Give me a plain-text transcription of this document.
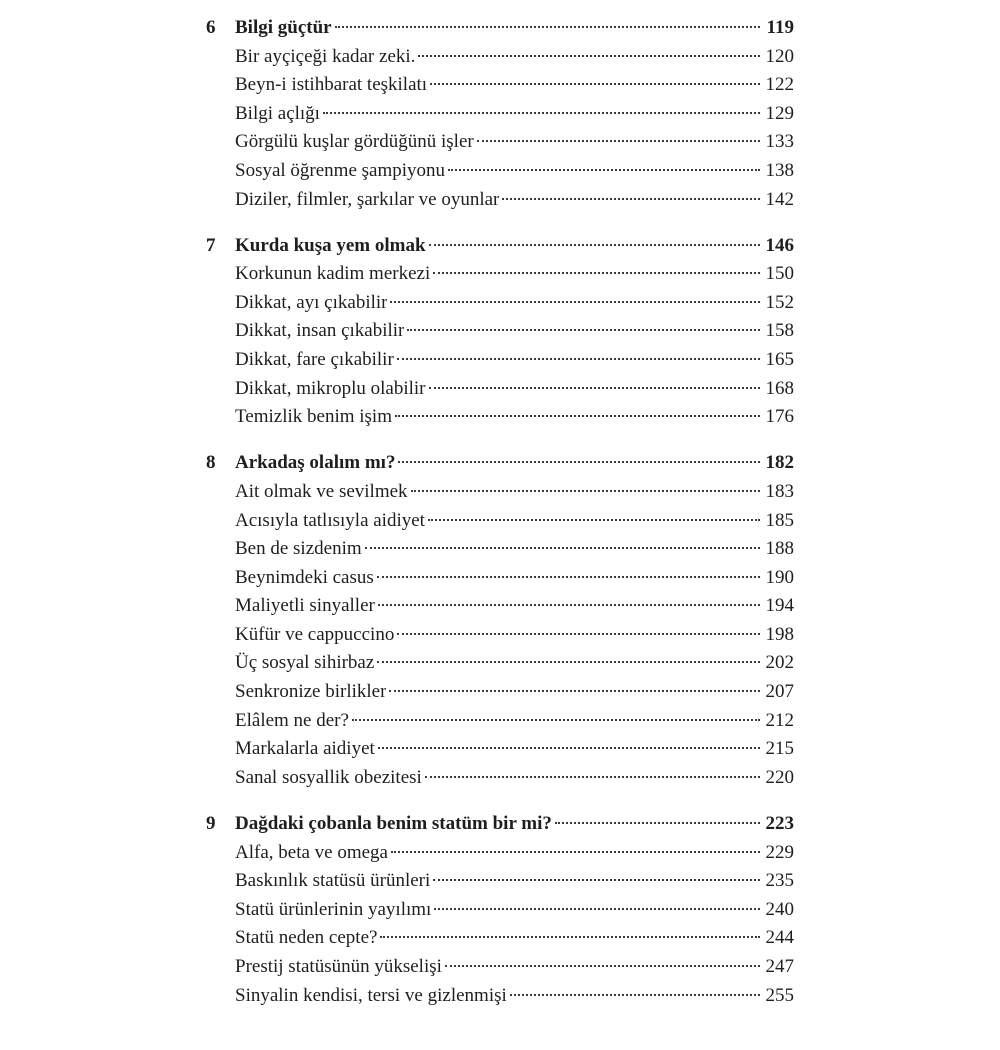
6	Bilgi güçtür	119
Bir ayçiçeği kadar zeki.	120
Beyn-i istihbarat teşkilatı	122
Bilgi açlığı	129
Görgülü kuşlar gördüğünü işler	133
Sosyal öğrenme şampiyonu	138
Diziler, filmler, şarkılar ve oyunlar	142
7	Kurda kuşa yem olmak	146
Korkunun kadim merkezi	150
Dikkat, ayı çıkabilir	152
Dikkat, insan çıkabilir	158
Dikkat, fare çıkabilir	165
Dikkat, mikroplu olabilir	168
Temizlik benim işim	176
8	Arkadaş olalım mı?	182
Ait olmak ve sevilmek	183
Acısıyla tatlısıyla aidiyet	185
Ben de sizdenim	188
Beynimdeki casus	190
Maliyetli sinyaller	194
Küfür ve cappuccino	198
Üç sosyal sihirbaz	202
Senkronize birlikler	207
Elâlem ne der?	212
Markalarla aidiyet	215
Sanal sosyallik obezitesi	220
9	Dağdaki çobanla benim statüm bir mi?	223
Alfa, beta ve omega	229
Baskınlık statüsü ürünleri	235
Statü ürünlerinin yayılımı	240
Statü neden cepte?	244
Prestij statüsünün yükselişi	247
Sinyalin kendisi, tersi ve gizlenmişi	255
